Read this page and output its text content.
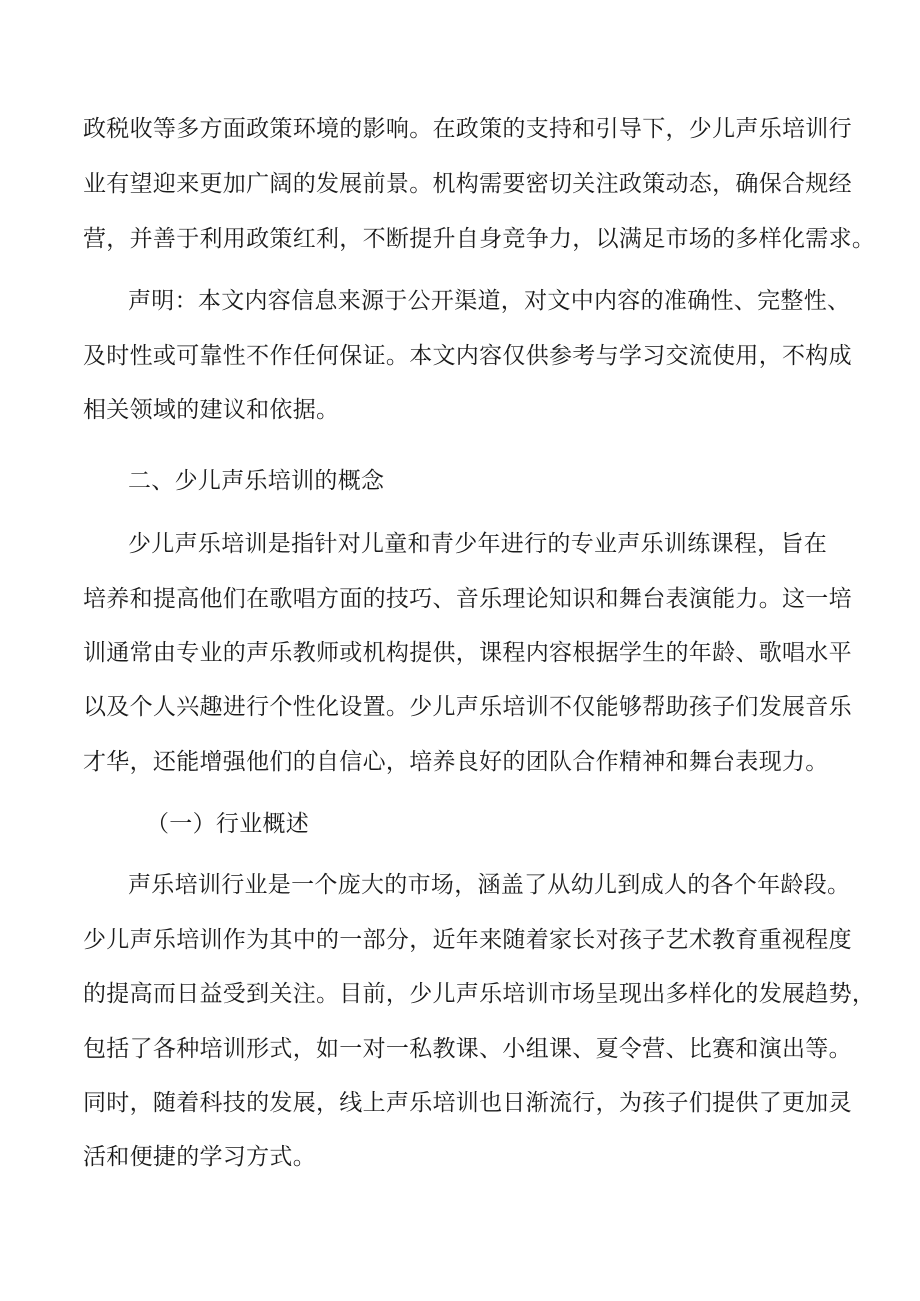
政税收等多方面政策环境的影响。在政策的支持和引导下，少儿声乐培训行
业有望迎来更加广阔的发展前景。机构需要密切关注政策动态，确保合规经
营，并善于利用政策红利，不断提升自身竞争力，以满足市场的多样化需求。
声明：本文内容信息来源于公开渠道，对文中内容的准确性、完整性、
及时性或可靠性不作任何保证。本文内容仅供参考与学习交流使用，不构成
相关领域的建议和依据。
二、少儿声乐培训的概念
少儿声乐培训是指针对儿童和青少年进行的专业声乐训练课程，旨在
培养和提高他们在歌唱方面的技巧、音乐理论知识和舞台表演能力。这一培
训通常由专业的声乐教师或机构提供，课程内容根据学生的年龄、歌唱水平
以及个人兴趣进行个性化设置。少儿声乐培训不仅能够帮助孩子们发展音乐
才华，还能增强他们的自信心，培养良好的团队合作精神和舞台表现力。
（一）行业概述
声乐培训行业是一个庞大的市场，涵盖了从幼儿到成人的各个年龄段。
少儿声乐培训作为其中的一部分，近年来随着家长对孩子艺术教育重视程度
的提高而日益受到关注。目前，少儿声乐培训市场呈现出多样化的发展趋势，
包括了各种培训形式，如一对一私教课、小组课、夏令营、比赛和演出等。
同时，随着科技的发展，线上声乐培训也日渐流行，为孩子们提供了更加灵
活和便捷的学习方式。
